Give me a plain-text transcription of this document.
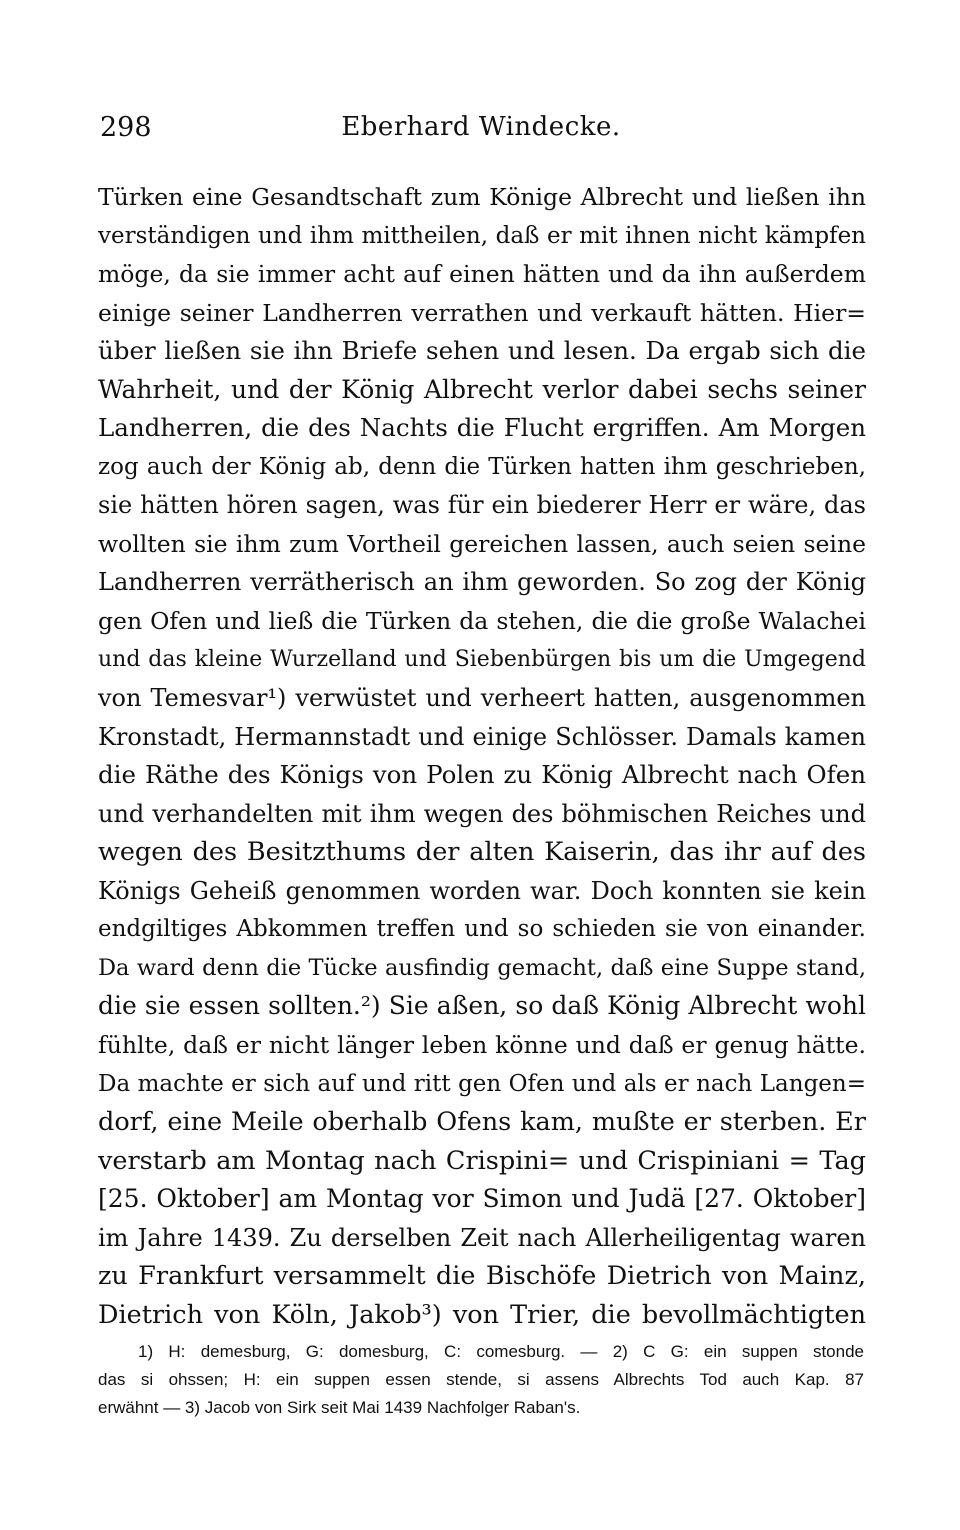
298	Eberhard Windecke.
Türken eine Gesandtschaft zum Könige Albrecht und ließen ihn
verständigen und ihm mittheilen, daß er mit ihnen nicht kämpfen
möge, da sie immer acht auf einen hätten und da ihn außerdem
einige seiner Landherren verrathen und verkauft hätten. Hier=
über ließen sie ihn Briefe sehen und lesen. Da ergab sich die
Wahrheit, und der König Albrecht verlor dabei sechs seiner
Landherren, die des Nachts die Flucht ergriffen. Am Morgen
zog auch der König ab, denn die Türken hatten ihm geschrieben,
sie hätten hören sagen, was für ein biederer Herr er wäre, das
wollten sie ihm zum Vortheil gereichen lassen, auch seien seine
Landherren verrätherisch an ihm geworden. So zog der König
gen Ofen und ließ die Türken da stehen, die die große Walachei
und das kleine Wurzelland und Siebenbürgen bis um die Umgegend
von Temesvar¹) verwüstet und verheert hatten, ausgenommen
Kronstadt, Hermannstadt und einige Schlösser. Damals kamen
die Räthe des Königs von Polen zu König Albrecht nach Ofen
und verhandelten mit ihm wegen des böhmischen Reiches und
wegen des Besitzthums der alten Kaiserin, das ihr auf des
Königs Geheiß genommen worden war. Doch konnten sie kein
endgiltiges Abkommen treffen und so schieden sie von einander.
Da ward denn die Tücke ausfindig gemacht, daß eine Suppe stand,
die sie essen sollten.²) Sie aßen, so daß König Albrecht wohl
fühlte, daß er nicht länger leben könne und daß er genug hätte.
Da machte er sich auf und ritt gen Ofen und als er nach Langen=
dorf, eine Meile oberhalb Ofens kam, mußte er sterben. Er
verstarb am Montag nach Crispini= und Crispiniani = Tag
[25. Oktober] am Montag vor Simon und Judä [27. Oktober]
im Jahre 1439. Zu derselben Zeit nach Allerheiligentag waren
zu Frankfurt versammelt die Bischöfe Dietrich von Mainz,
Dietrich von Köln, Jakob³) von Trier, die bevollmächtigten
1) H: demesburg, G: domesburg, C: comesburg. — 2) C G: ein suppen stonde
das si ohssen; H: ein suppen essen stende, si assens Albrechts Tod auch Kap. 87
erwähnt — 3) Jacob von Sirk seit Mai 1439 Nachfolger Raban's.
